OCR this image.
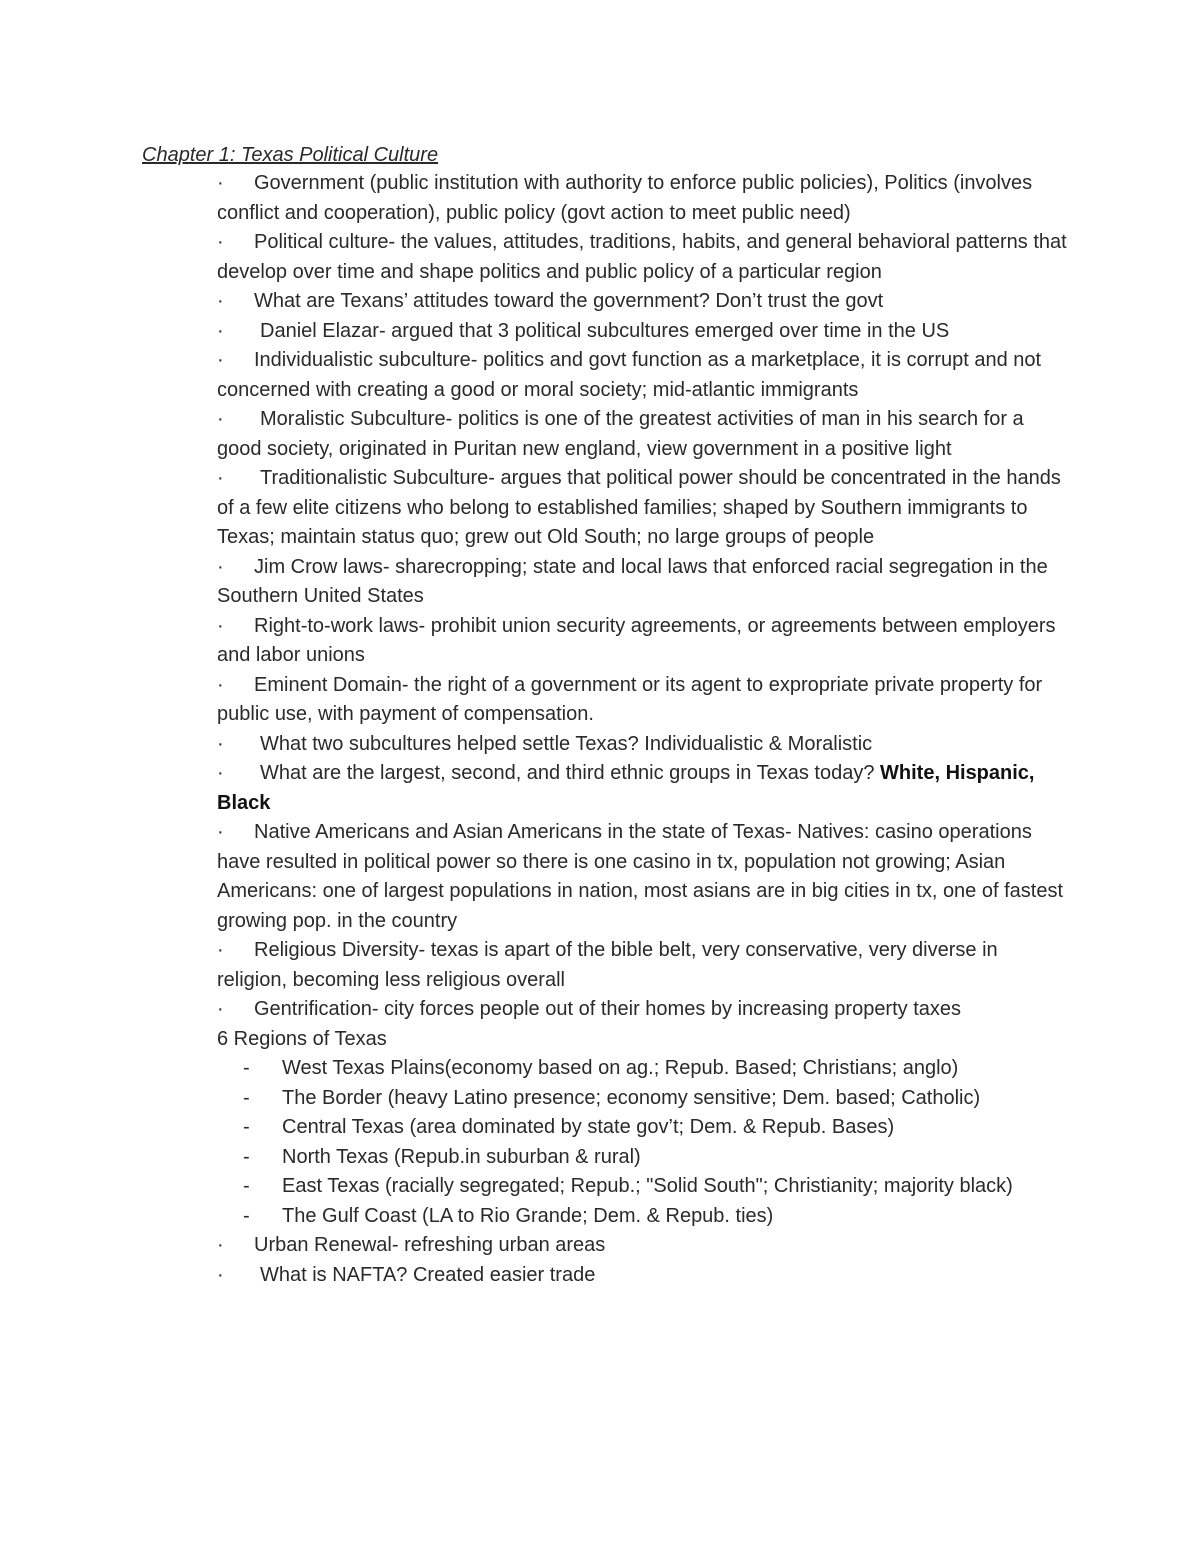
Chapter 1: Texas Political Culture
· Government (public institution with authority to enforce public policies), Politics (involves conflict and cooperation), public policy (govt action to meet public need)
· Political culture- the values, attitudes, traditions, habits, and general behavioral patterns that develop over time and shape politics and public policy of a particular region
· What are Texans’ attitudes toward the government? Don’t trust the govt
· Daniel Elazar- argued that 3 political subcultures emerged over time in the US
· Individualistic subculture- politics and govt function as a marketplace, it is corrupt and not concerned with creating a good or moral society; mid-atlantic immigrants
· Moralistic Subculture- politics is one of the greatest activities of man in his search for a good society, originated in Puritan new england, view government in a positive light
· Traditionalistic Subculture- argues that political power should be concentrated in the hands of a few elite citizens who belong to established families; shaped by Southern immigrants to Texas; maintain status quo; grew out Old South; no large groups of people
· Jim Crow laws- sharecropping; state and local laws that enforced racial segregation in the Southern United States
· Right-to-work laws- prohibit union security agreements, or agreements between employers and labor unions
· Eminent Domain- the right of a government or its agent to expropriate private property for public use, with payment of compensation.
· What two subcultures helped settle Texas? Individualistic & Moralistic
· What are the largest, second, and third ethnic groups in Texas today? White, Hispanic, Black
· Native Americans and Asian Americans in the state of Texas- Natives: casino operations have resulted in political power so there is one casino in tx, population not growing; Asian Americans: one of largest populations in nation, most asians are in big cities in tx, one of fastest growing pop. in the country
· Religious Diversity- texas is apart of the bible belt, very conservative, very diverse in religion, becoming less religious overall
· Gentrification- city forces people out of their homes by increasing property taxes
6 Regions of Texas
- West Texas Plains(economy based on ag.; Repub. Based; Christians; anglo)
- The Border (heavy Latino presence; economy sensitive; Dem. based; Catholic)
- Central Texas (area dominated by state gov’t; Dem. & Repub. Bases)
- North Texas (Repub.in suburban & rural)
- East Texas (racially segregated; Repub.; "Solid South"; Christianity; majority black)
- The Gulf Coast (LA to Rio Grande; Dem. & Repub. ties)
· Urban Renewal- refreshing urban areas
· What is NAFTA? Created easier trade
